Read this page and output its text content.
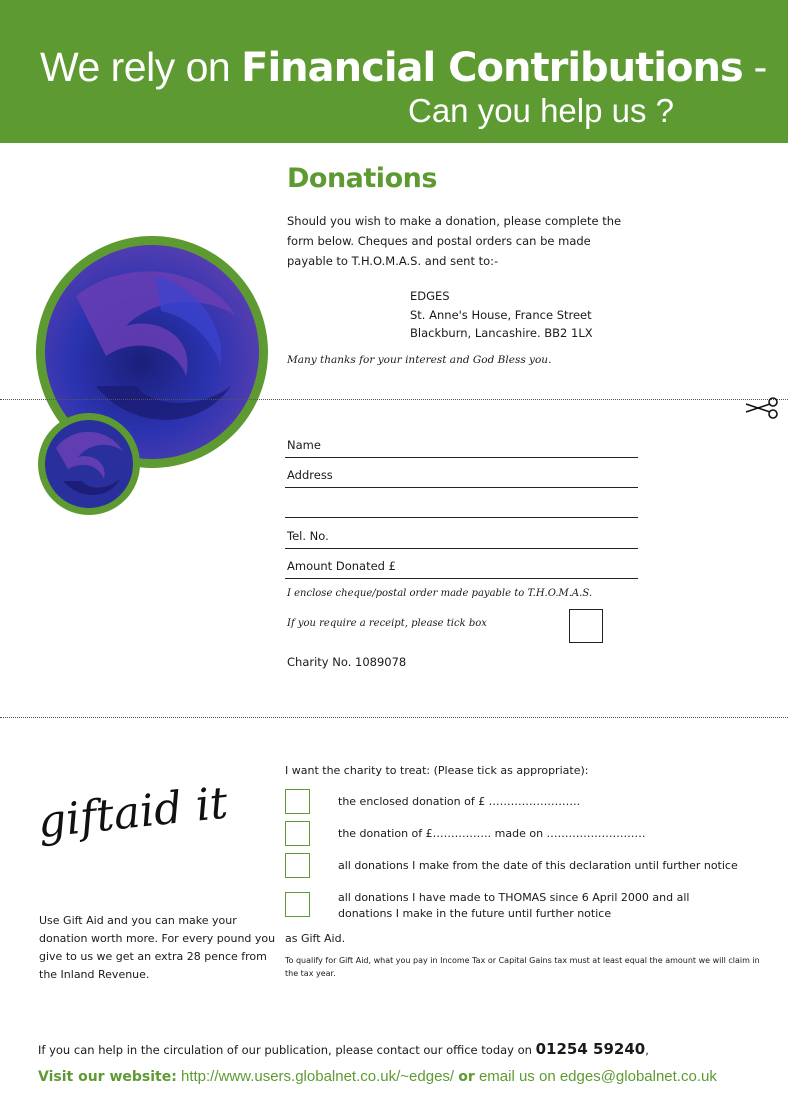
We rely on Financial Contributions -
Can you help us ?
Donations
Should you wish to make a donation, please complete the form below. Cheques and postal orders can be made payable to T.H.O.M.A.S. and sent to:-
EDGES
St. Anne's House, France Street
Blackburn, Lancashire. BB2 1LX
Many thanks for your interest and God Bless you.
Name
Address
Tel. No.
Amount Donated £
I enclose cheque/postal order made payable to T.H.O.M.A.S.
If you require a receipt, please tick box
Charity No. 1089078
giftaid it
I want the charity to treat: (Please tick as appropriate):
the enclosed donation of £ …………………….
the donation of £……………. made on ………………………
all donations I make from the date of this declaration until further notice
all donations I have made to THOMAS since 6 April 2000 and all donations I make in the future until further notice
as Gift Aid.
To qualify for Gift Aid, what you pay in Income Tax or Capital Gains tax must at least equal the amount we will claim in the tax year.
Use Gift Aid and you can make your donation worth more. For every pound you give to us we get an extra 28 pence from the Inland Revenue.
If you can help in the circulation of our publication, please contact our office today on 01254 59240,
Visit our website: http://www.users.globalnet.co.uk/~edges/ or email us on edges@globalnet.co.uk
